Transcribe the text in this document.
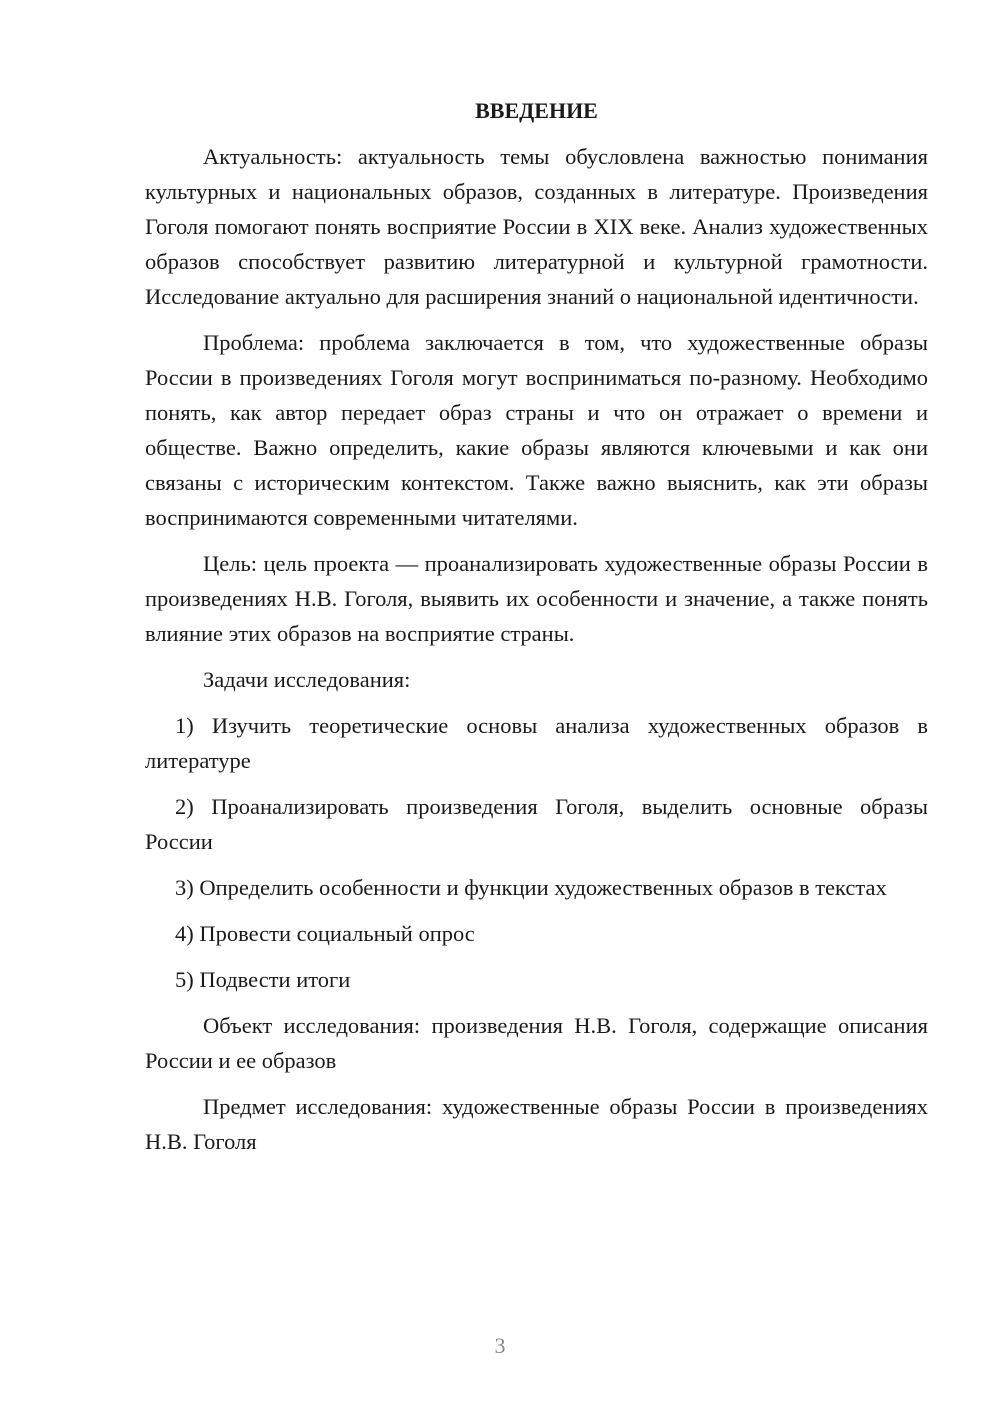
ВВЕДЕНИЕ

Актуальность: актуальность темы обусловлена важностью понимания культурных и национальных образов, созданных в литературе. Произведения Гоголя помогают понять восприятие России в XIX веке. Анализ художественных образов способствует развитию литературной и культурной грамотности. Исследование актуально для расширения знаний о национальной идентичности.

Проблема: проблема заключается в том, что художественные образы России в произведениях Гоголя могут восприниматься по-разному. Необходимо понять, как автор передает образ страны и что он отражает о времени и обществе. Важно определить, какие образы являются ключевыми и как они связаны с историческим контекстом. Также важно выяснить, как эти образы воспринимаются современными читателями.

Цель: цель проекта — проанализировать художественные образы России в произведениях Н.В. Гоголя, выявить их особенности и значение, а также понять влияние этих образов на восприятие страны.

Задачи исследования:

1) Изучить теоретические основы анализа художественных образов в литературе

2) Проанализировать произведения Гоголя, выделить основные образы России

3) Определить особенности и функции художественных образов в текстах

4) Провести социальный опрос

5) Подвести итоги

Объект исследования: произведения Н.В. Гоголя, содержащие описания России и ее образов

Предмет исследования: художественные образы России в произведениях Н.В. Гоголя

3
